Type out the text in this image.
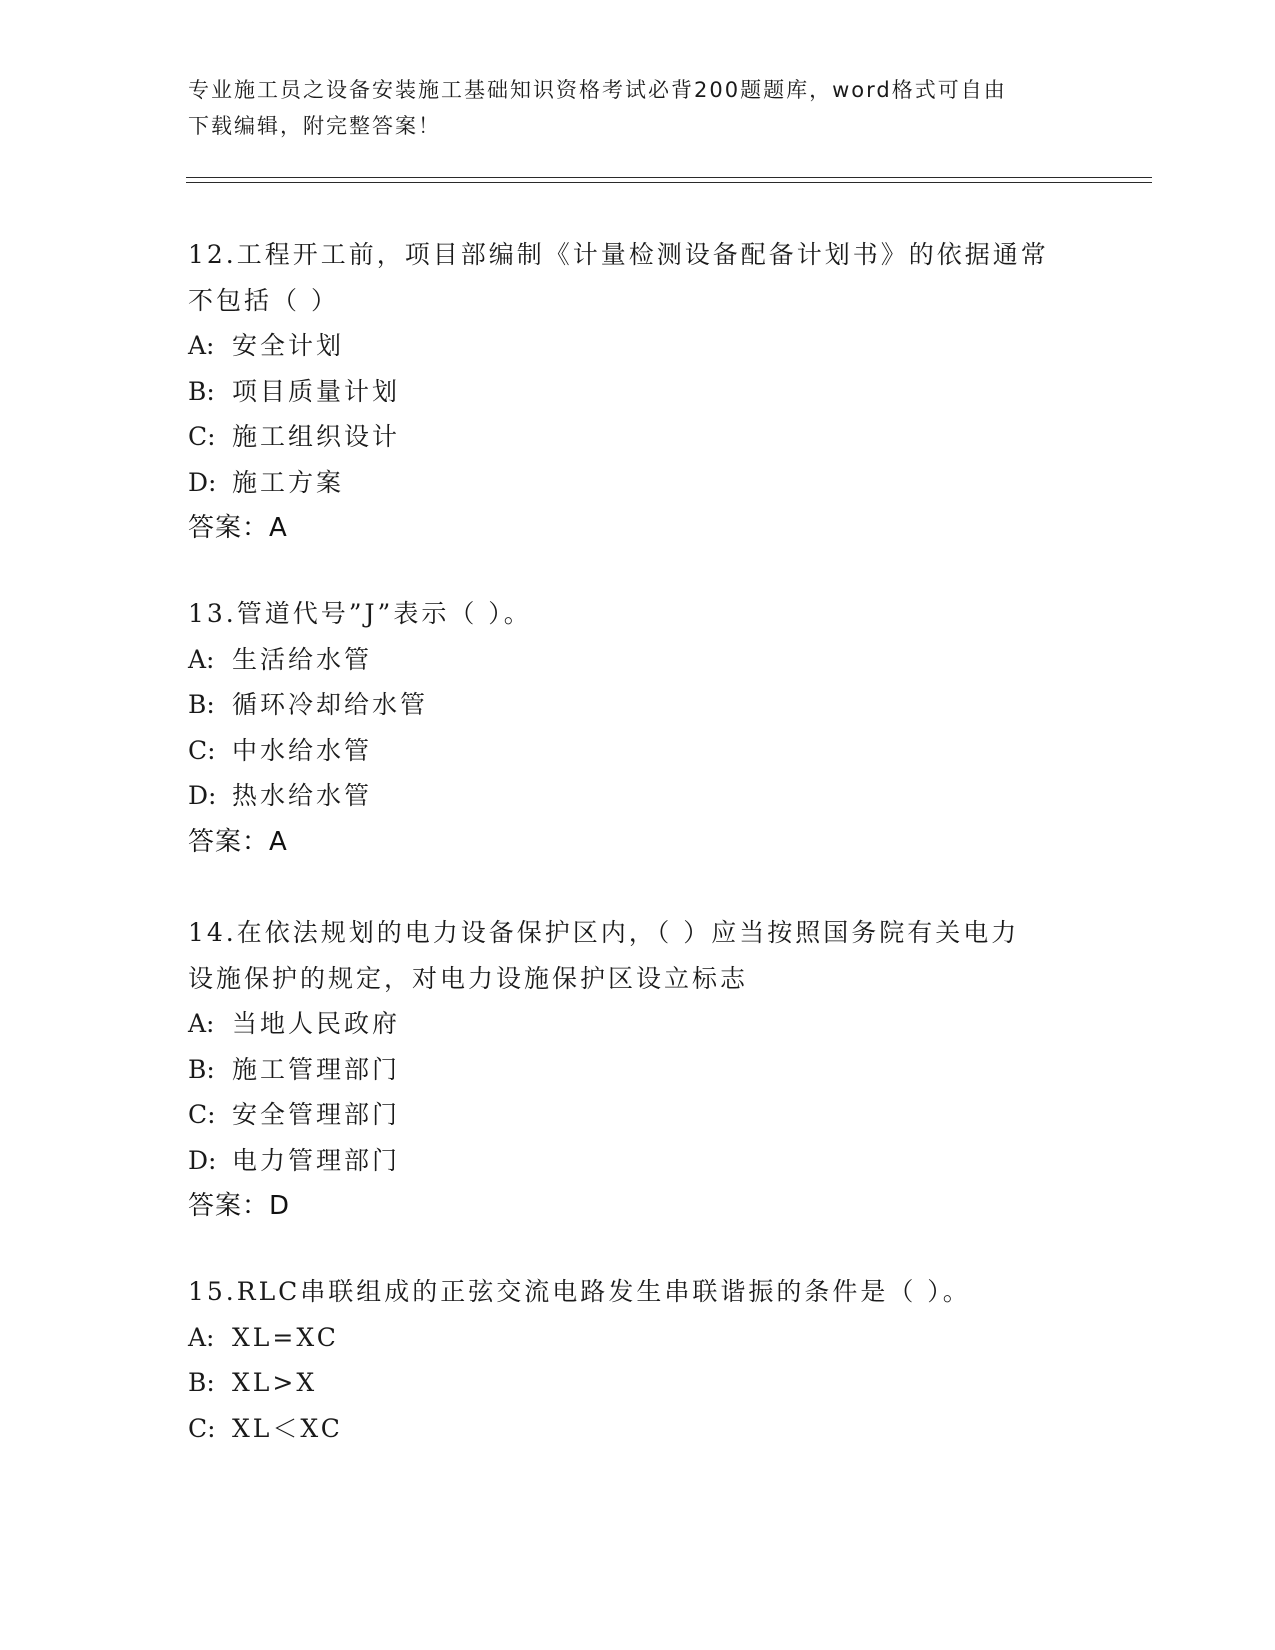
专业施工员之设备安装施工基础知识资格考试必背200题题库，word格式可自由
下载编辑，附完整答案！
12.工程开工前，项目部编制《计量检测设备配备计划书》的依据通常
不包括（ ）
A: 安全计划
B: 项目质量计划
C: 施工组织设计
D: 施工方案
答案：A
13.管道代号”J”表示（ ）。
A: 生活给水管
B: 循环冷却给水管
C: 中水给水管
D: 热水给水管
答案：A
14.在依法规划的电力设备保护区内，（ ）应当按照国务院有关电力
设施保护的规定，对电力设施保护区设立标志
A: 当地人民政府
B: 施工管理部门
C: 安全管理部门
D: 电力管理部门
答案：D
15.RLC串联组成的正弦交流电路发生串联谐振的条件是（ ）。
A: XL=XC
B: XL>X
C: XL＜XC
